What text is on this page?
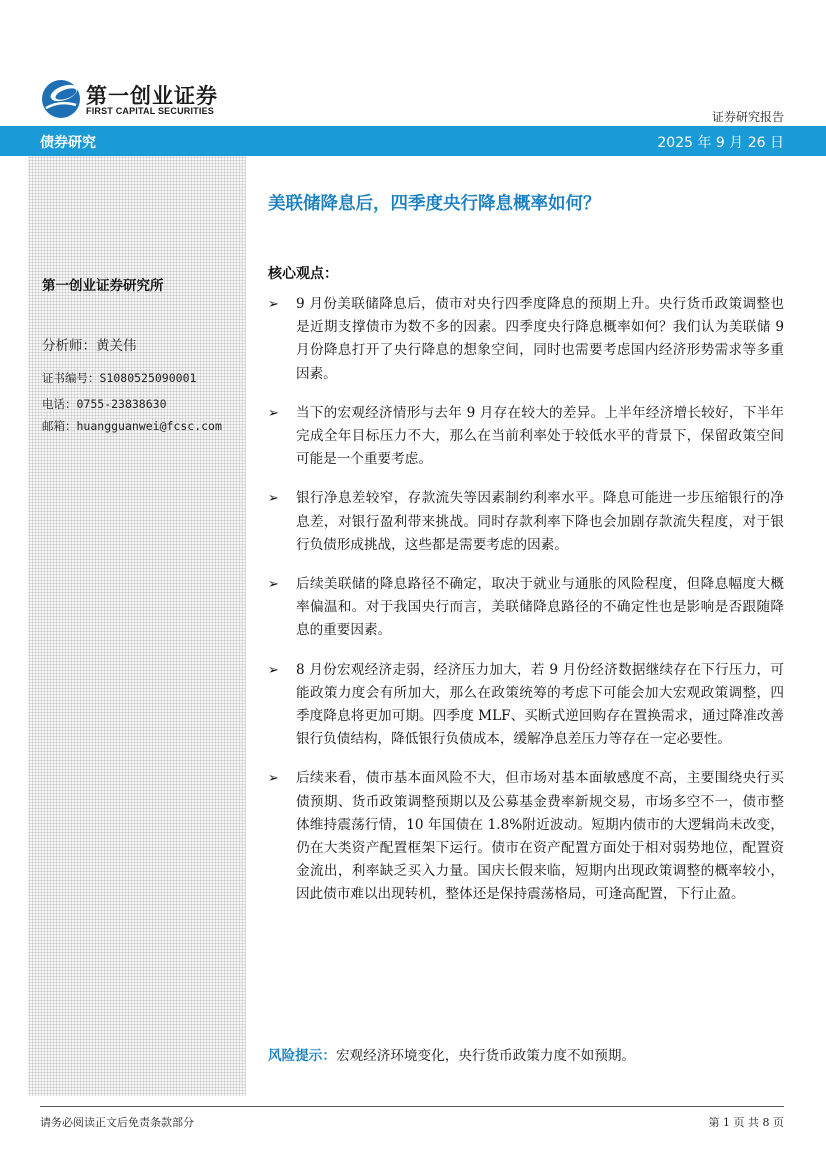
第一创业证券
FIRST CAPITAL SECURITIES	证券研究报告
债券研究	2025 年 9 月 26 日
第一创业证券研究所
分析师：黄关伟
证书编号：S1080525090001
电话：0755-23838630
邮箱：huangguanwei@fcsc.com
美联储降息后，四季度央行降息概率如何？
核心观点：
➢ 9 月份美联储降息后，债市对央行四季度降息的预期上升。央行货币政策调整也是近期支撑债市为数不多的因素。四季度央行降息概率如何？我们认为美联储 9 月份降息打开了央行降息的想象空间，同时也需要考虑国内经济形势需求等多重因素。
➢ 当下的宏观经济情形与去年 9 月存在较大的差异。上半年经济增长较好，下半年完成全年目标压力不大，那么在当前利率处于较低水平的背景下，保留政策空间可能是一个重要考虑。
➢ 银行净息差较窄，存款流失等因素制约利率水平。降息可能进一步压缩银行的净息差，对银行盈利带来挑战。同时存款利率下降也会加剧存款流失程度，对于银行负债形成挑战，这些都是需要考虑的因素。
➢ 后续美联储的降息路径不确定，取决于就业与通胀的风险程度，但降息幅度大概率偏温和。对于我国央行而言，美联储降息路径的不确定性也是影响是否跟随降息的重要因素。
➢ 8 月份宏观经济走弱，经济压力加大，若 9 月份经济数据继续存在下行压力，可能政策力度会有所加大，那么在政策统筹的考虑下可能会加大宏观政策调整，四季度降息将更加可期。四季度 MLF、买断式逆回购存在置换需求，通过降准改善银行负债结构，降低银行负债成本，缓解净息差压力等存在一定必要性。
➢ 后续来看，债市基本面风险不大，但市场对基本面敏感度不高，主要围绕央行买债预期、货币政策调整预期以及公募基金费率新规交易，市场多空不一，债市整体维持震荡行情，10 年国债在 1.8%附近波动。短期内债市的大逻辑尚未改变，仍在大类资产配置框架下运行。债市在资产配置方面处于相对弱势地位，配置资金流出，利率缺乏买入力量。国庆长假来临，短期内出现政策调整的概率较小，因此债市难以出现转机，整体还是保持震荡格局，可逢高配置，下行止盈。
风险提示：宏观经济环境变化，央行货币政策力度不如预期。
请务必阅读正文后免责条款部分	第 1 页 共 8 页
